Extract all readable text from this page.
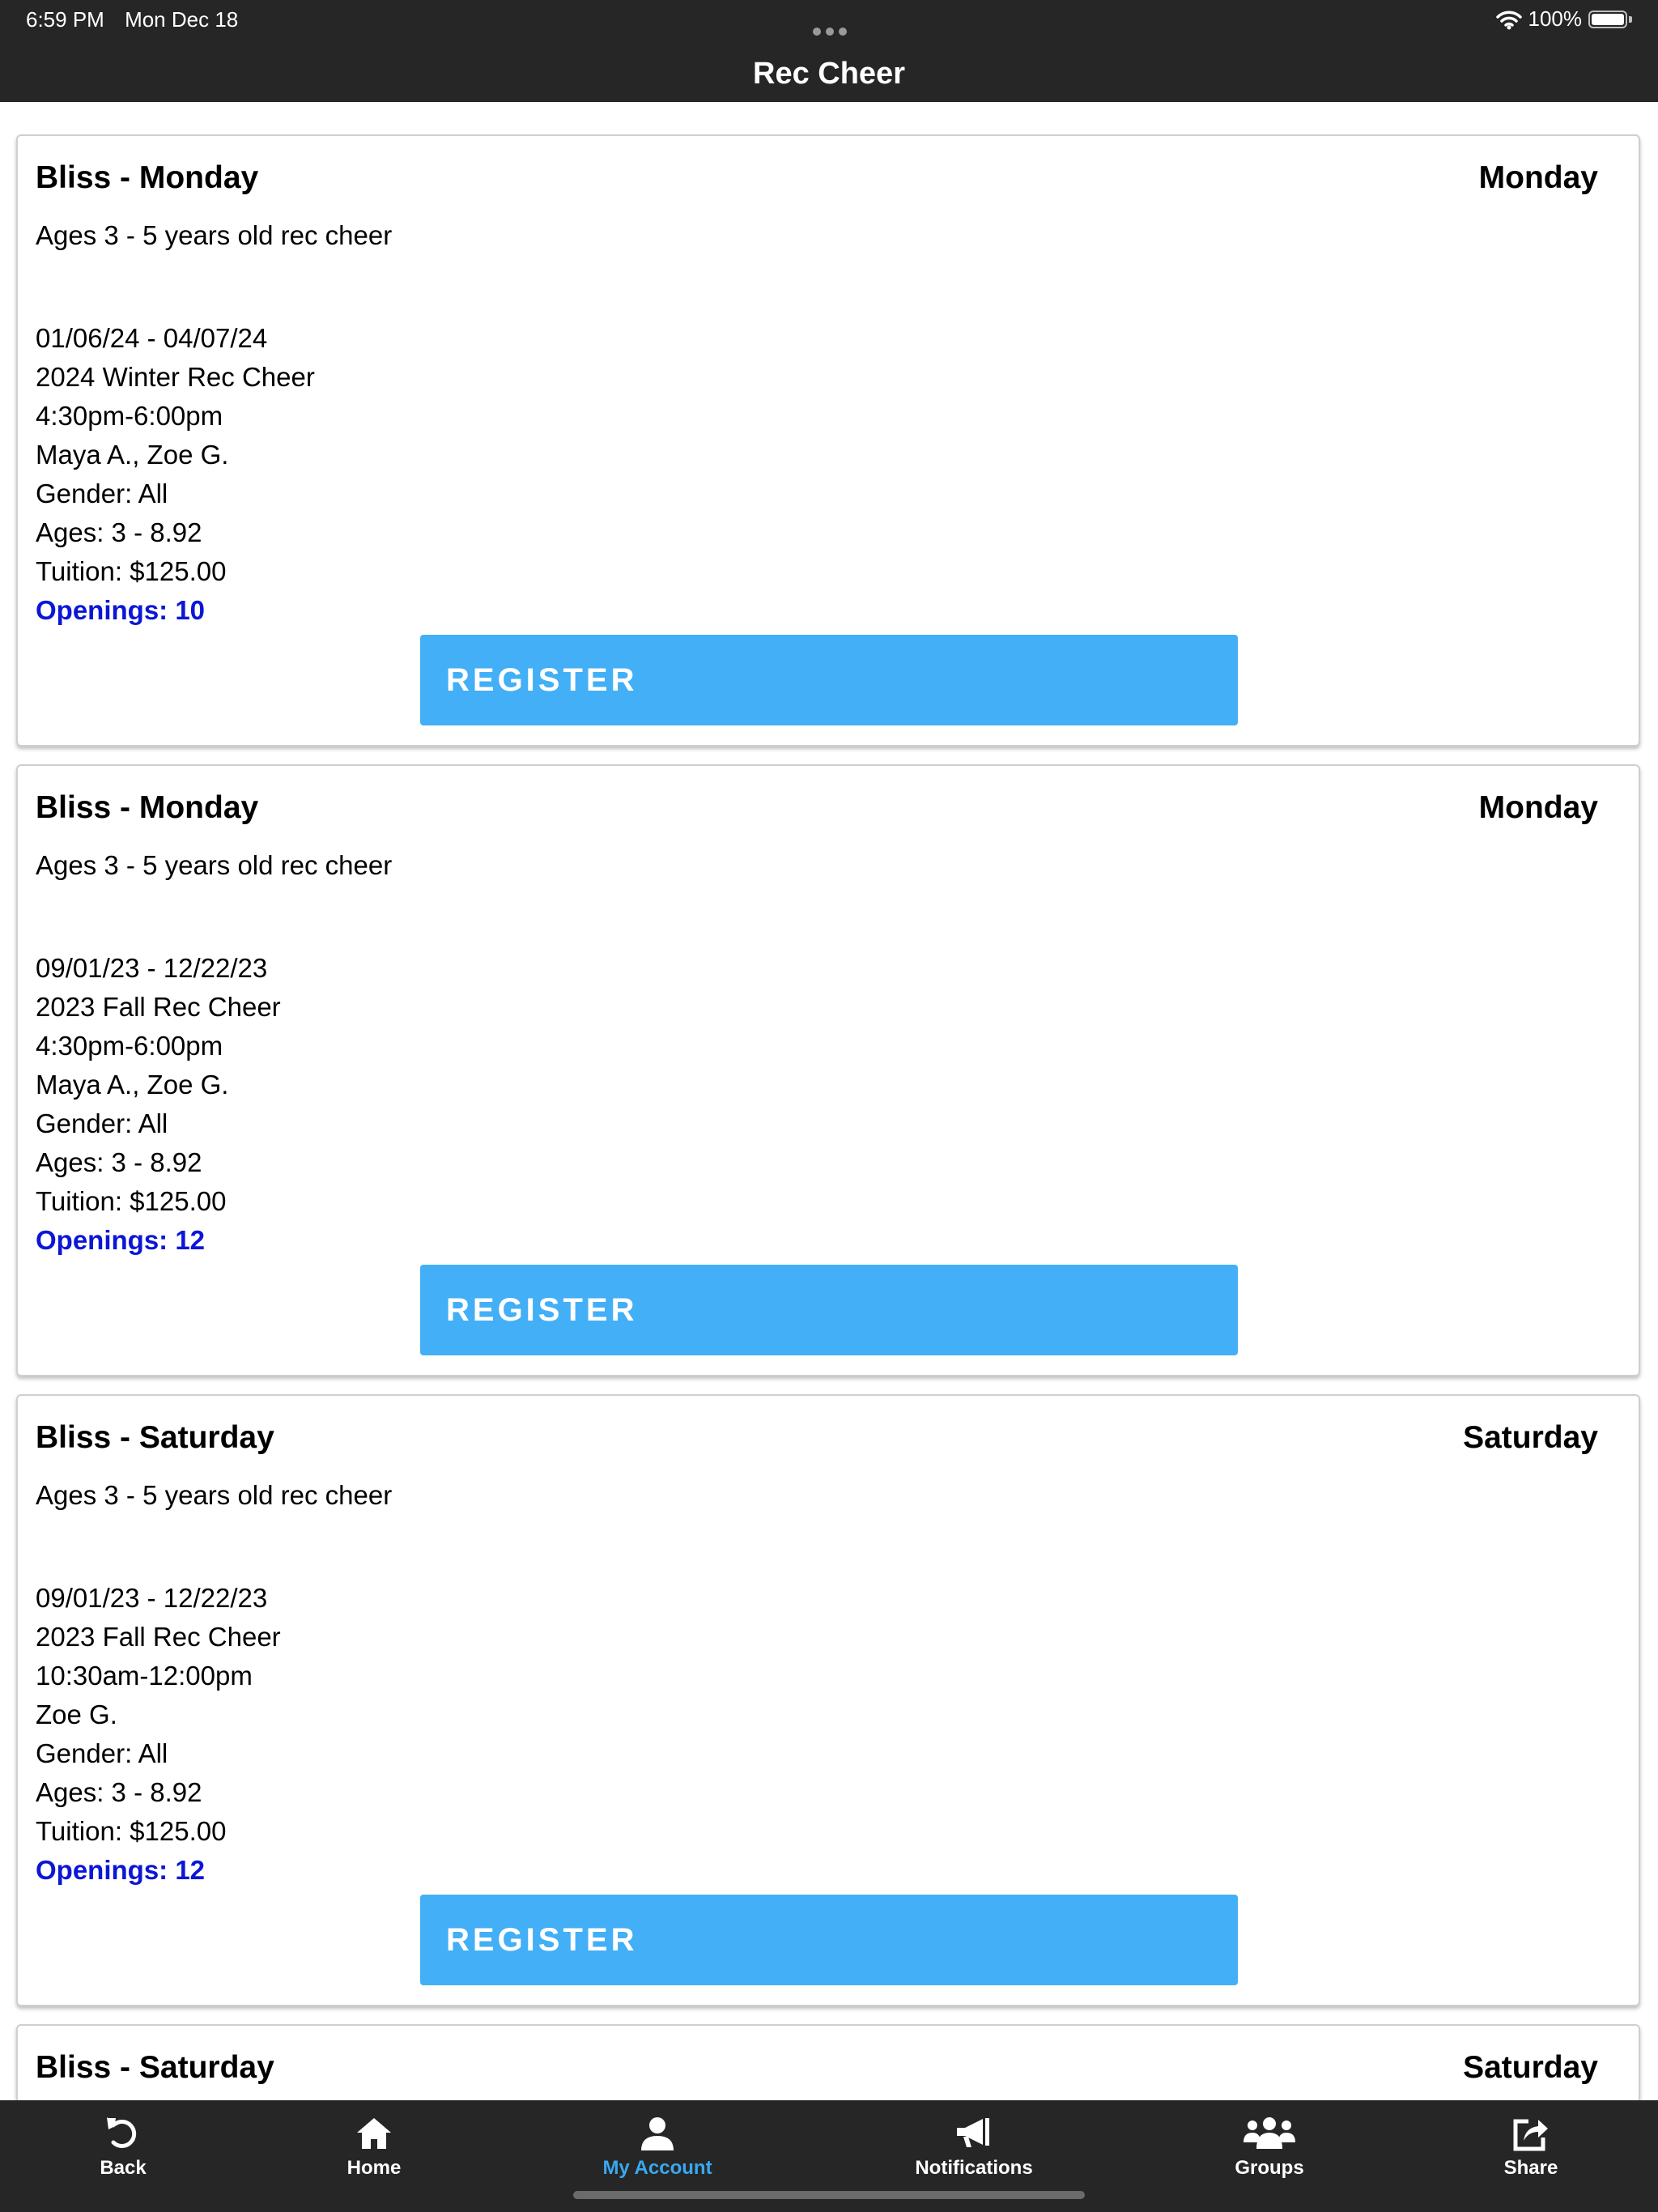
6:59 PM Mon Dec 18	100%
Rec Cheer
Bliss - Monday	Monday
Ages 3 - 5 years old rec cheer
01/06/24 - 04/07/24
2024 Winter Rec Cheer
4:30pm-6:00pm
Maya A., Zoe G.
Gender: All
Ages: 3 - 8.92
Tuition: $125.00
Openings: 10
REGISTER
Bliss - Monday	Monday
Ages 3 - 5 years old rec cheer
09/01/23 - 12/22/23
2023 Fall Rec Cheer
4:30pm-6:00pm
Maya A., Zoe G.
Gender: All
Ages: 3 - 8.92
Tuition: $125.00
Openings: 12
REGISTER
Bliss - Saturday	Saturday
Ages 3 - 5 years old rec cheer
09/01/23 - 12/22/23
2023 Fall Rec Cheer
10:30am-12:00pm
Zoe G.
Gender: All
Ages: 3 - 8.92
Tuition: $125.00
Openings: 12
REGISTER
Bliss - Saturday	Saturday
Back	Home	My Account	Notifications	Groups	Share
